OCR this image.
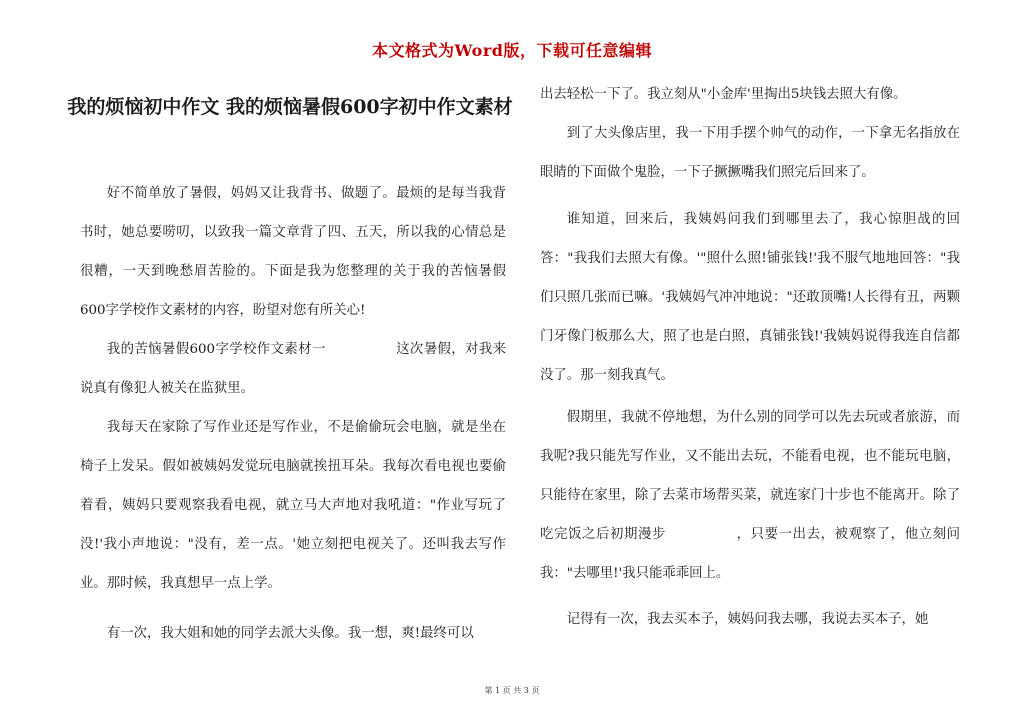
本文格式为Word版，下载可任意编辑
我的烦恼初中作文 我的烦恼暑假600字初中作文素材

好不简单放了暑假，妈妈又让我背书、做题了。最烦的是每当我背书时，她总要唠叨，以致我一篇文章背了四、五天，所以我的心情总是很糟，一天到晚愁眉苦脸的。下面是我为您整理的关于我的苦恼暑假600字学校作文素材的内容，盼望对您有所关心!

我的苦恼暑假600字学校作文素材一	这次暑假，对我来说真有像犯人被关在监狱里。

我每天在家除了写作业还是写作业，不是偷偷玩会电脑，就是坐在椅子上发呆。假如被姨妈发觉玩电脑就挨扭耳朵。我每次看电视也要偷着看，姨妈只要观察我看电视，就立马大声地对我吼道："作业写玩了没!'我小声地说："没有，差一点。'她立刻把电视关了。还叫我去写作业。那时候，我真想早一点上学。

有一次，我大姐和她的同学去派大头像。我一想，爽!最终可以

出去轻松一下了。我立刻从"小金库'里掏出5块钱去照大有像。

到了大头像店里，我一下用手摆个帅气的动作，一下拿无名指放在眼睛的下面做个鬼脸，一下子撅撅嘴我们照完后回来了。

谁知道，回来后，我姨妈问我们到哪里去了，我心惊胆战的回答："我我们去照大有像。'"照什么照!铺张钱!'我不服气地地回答："我们只照几张而已嘛。'我姨妈气冲冲地说："还敢顶嘴!人长得有丑，两颗门牙像门板那么大，照了也是白照，真铺张钱!'我姨妈说得我连自信都没了。那一刻我真气。

假期里，我就不停地想，为什么别的同学可以先去玩或者旅游，而我呢?我只能先写作业，又不能出去玩，不能看电视，也不能玩电脑，只能待在家里，除了去菜市场帮买菜，就连家门十步也不能离开。除了吃完饭之后初期漫步	，只要一出去，被观察了，他立刻问我："去哪里!'我只能乖乖回上。

记得有一次，我去买本子，姨妈问我去哪，我说去买本子，她

第 1 页 共 3 页
